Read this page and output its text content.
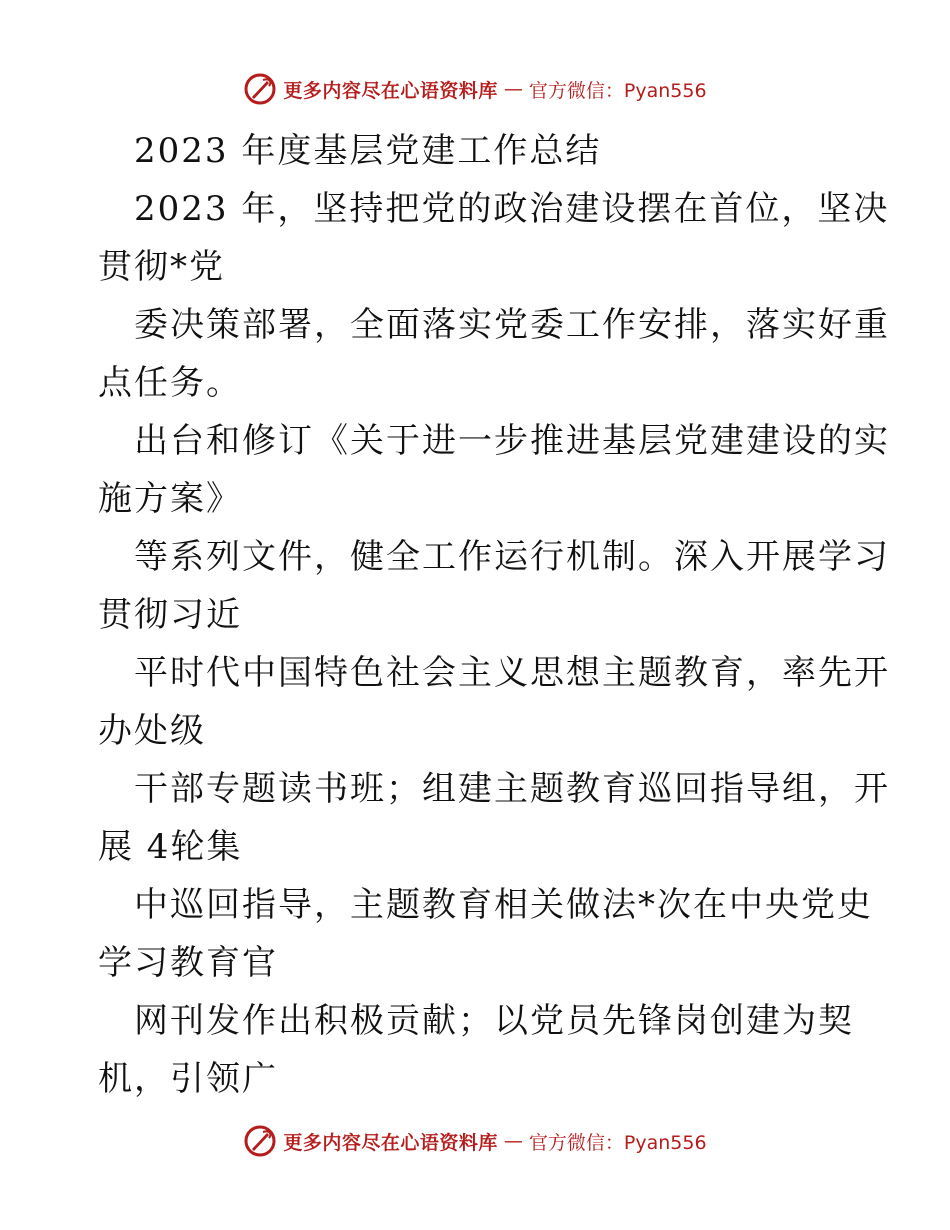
更多内容尽在心语资料库 — 官方微信：Pyan556
2023 年度基层党建工作总结
2023 年，坚持把党的政治建设摆在首位，坚决
贯彻*党
委决策部署，全面落实党委工作安排，落实好重
点任务。
出台和修订《关于进一步推进基层党建建设的实
施方案》
等系列文件，健全工作运行机制。深入开展学习
贯彻习近
平时代中国特色社会主义思想主题教育，率先开
办处级
干部专题读书班；组建主题教育巡回指导组，开
展 4轮集
中巡回指导，主题教育相关做法*次在中央党史
学习教育官
网刊发作出积极贡献；以党员先锋岗创建为契
机，引领广
更多内容尽在心语资料库 — 官方微信：Pyan556
